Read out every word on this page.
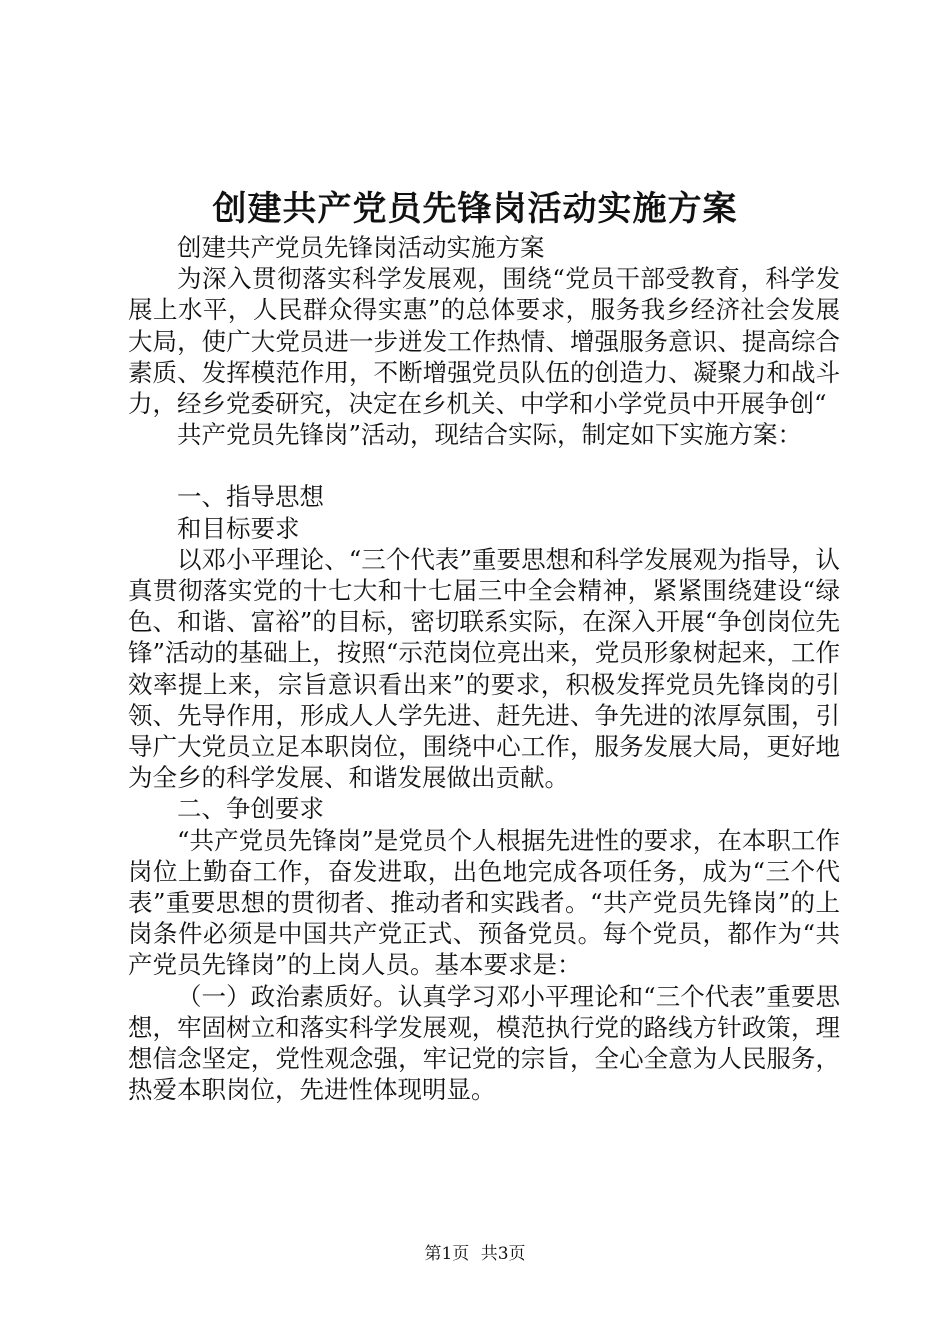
创建共产党员先锋岗活动实施方案

创建共产党员先锋岗活动实施方案

为深入贯彻落实科学发展观，围绕“党员干部受教育，科学发展上水平，人民群众得实惠”的总体要求，服务我乡经济社会发展大局，使广大党员进一步迸发工作热情、增强服务意识、提高综合素质、发挥模范作用，不断增强党员队伍的创造力、凝聚力和战斗力，经乡党委研究，决定在乡机关、中学和小学党员中开展争创“

共产党员先锋岗”活动，现结合实际，制定如下实施方案：

一、指导思想

和目标要求

以邓小平理论、“三个代表”重要思想和科学发展观为指导，认真贯彻落实党的十七大和十七届三中全会精神，紧紧围绕建设“绿色、和谐、富裕”的目标，密切联系实际，在深入开展“争创岗位先锋”活动的基础上，按照“示范岗位亮出来，党员形象树起来，工作效率提上来，宗旨意识看出来”的要求，积极发挥党员先锋岗的引领、先导作用，形成人人学先进、赶先进、争先进的浓厚氛围，引导广大党员立足本职岗位，围绕中心工作，服务发展大局，更好地为全乡的科学发展、和谐发展做出贡献。

二、争创要求

“共产党员先锋岗”是党员个人根据先进性的要求，在本职工作岗位上勤奋工作，奋发进取，出色地完成各项任务，成为“三个代表”重要思想的贯彻者、推动者和实践者。“共产党员先锋岗”的上岗条件必须是中国共产党正式、预备党员。每个党员，都作为“共产党员先锋岗”的上岗人员。基本要求是：

（一）政治素质好。认真学习邓小平理论和“三个代表”重要思想，牢固树立和落实科学发展观，模范执行党的路线方针政策，理想信念坚定，党性观念强，牢记党的宗旨，全心全意为人民服务，热爱本职岗位，先进性体现明显。

第1页 共3页
